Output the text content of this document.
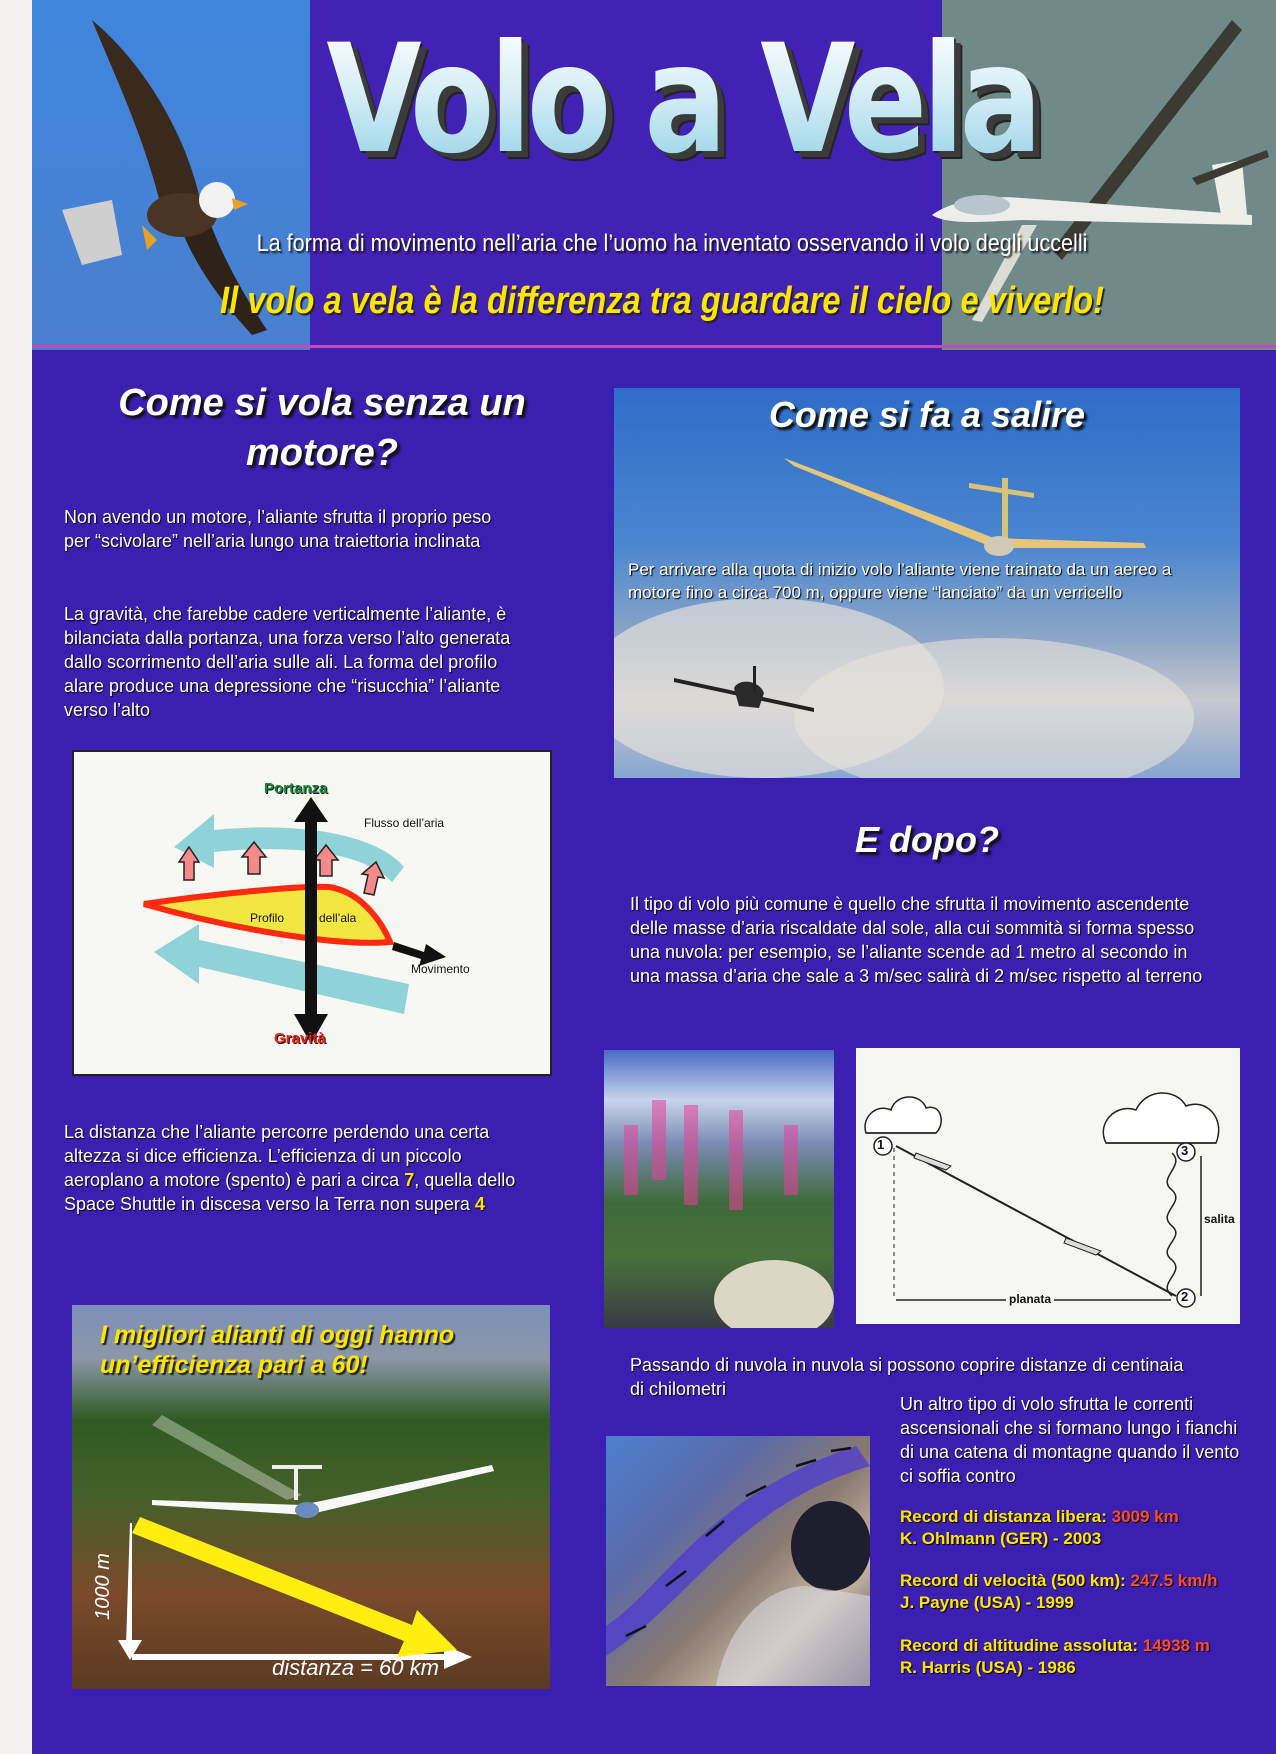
Volo a Vela
La forma di movimento nell’aria che l’uomo ha inventato osservando il volo degli uccelli
Il volo a vela è la differenza tra guardare il cielo e viverlo!
Come si vola senza un
motore?
Non avendo un motore, l’aliante sfrutta il proprio peso per “scivolare” nell’aria lungo una traiettoria inclinata
La gravità, che farebbe cadere verticalmente l’aliante, è bilanciata dalla portanza, una forza verso l’alto generata dallo scorrimento dell’aria sulle ali. La forma del profilo alare produce una depressione che “risucchia” l’aliante verso l’alto
Portanza
Flusso dell’aria
Profilo	dell’ala
Movimento
Gravità
La distanza che l’aliante percorre perdendo una certa altezza si dice efficienza. L’efficienza di un piccolo aeroplano a motore (spento) è pari a circa 7, quella dello Space Shuttle in discesa verso la Terra non supera 4
I migliori alianti di oggi hanno
un’efficienza pari a 60!
1000 m
distanza = 60 km
Come si fa a salire
Per arrivare alla quota di inizio volo l’aliante viene trainato da un aereo a motore fino a circa 700 m, oppure viene “lanciato” da un verricello
E dopo?
Il tipo di volo più comune è quello che sfrutta il movimento ascendente delle masse d’aria riscaldate dal sole, alla cui sommità si forma spesso una nuvola: per esempio, se l’aliante scende ad 1 metro al secondo in una massa d’aria che sale a 3 m/sec salirà di 2 m/sec rispetto al terreno
1
2
3
salita
planata
Passando di nuvola in nuvola si possono coprire distanze di centinaia di chilometri
Un altro tipo di volo sfrutta le correnti ascensionali che si formano lungo i fianchi di una catena di montagne quando il vento ci soffia contro
Record di distanza libera: 3009 km
K. Ohlmann (GER) - 2003
Record di velocità (500 km): 247.5 km/h
J. Payne (USA) - 1999
Record di altitudine assoluta: 14938 m
R. Harris (USA) - 1986
